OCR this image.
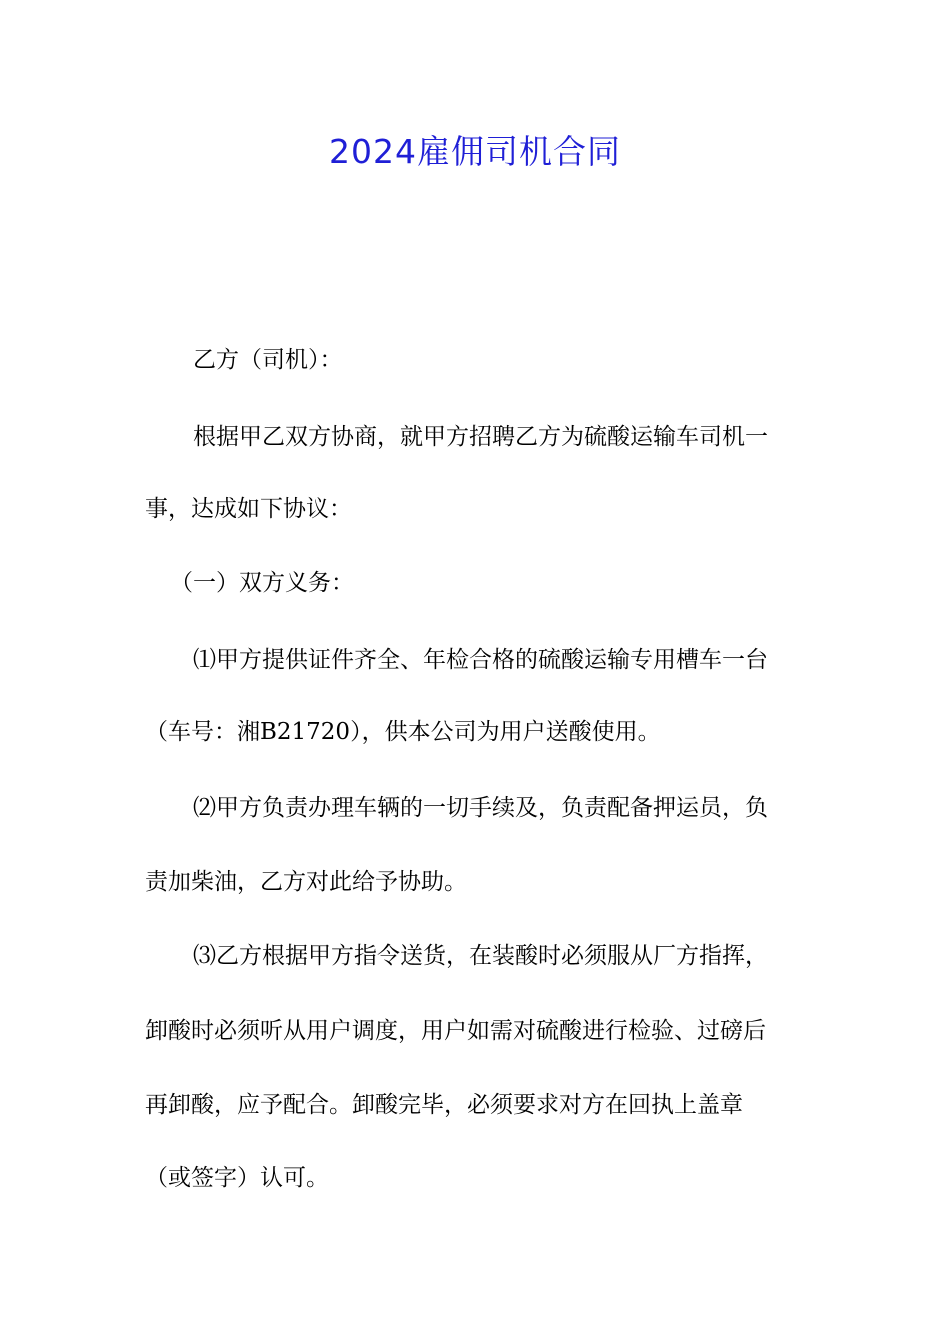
2024雇佣司机合同
乙方（司机）：
根据甲乙双方协商，就甲方招聘乙方为硫酸运输车司机一
事，达成如下协议：
（一）双方义务：
⑴甲方提供证件齐全、年检合格的硫酸运输专用槽车一台
（车号：湘B21720），供本公司为用户送酸使用。
⑵甲方负责办理车辆的一切手续及，负责配备押运员，负
责加柴油，乙方对此给予协助。
⑶乙方根据甲方指令送货，在装酸时必须服从厂方指挥，
卸酸时必须听从用户调度，用户如需对硫酸进行检验、过磅后
再卸酸，应予配合。卸酸完毕，必须要求对方在回执上盖章
（或签字）认可。
